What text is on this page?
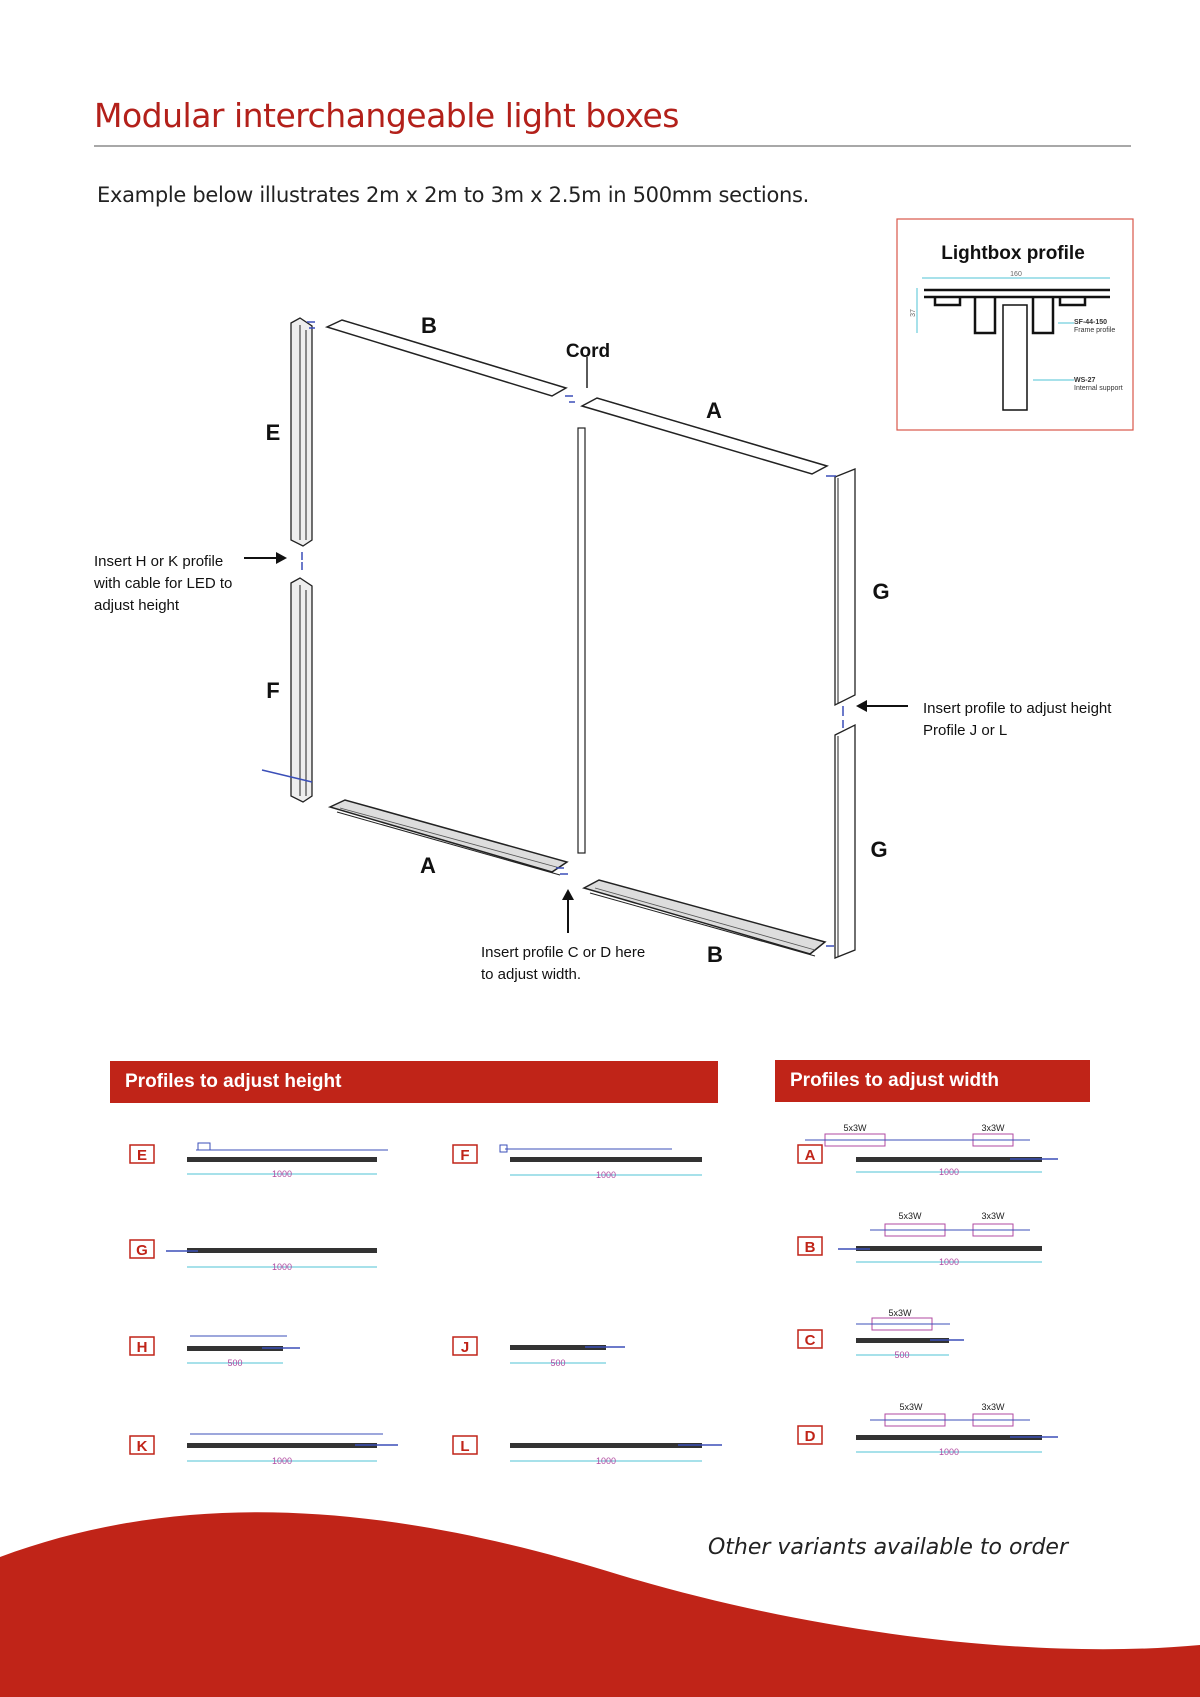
Modular interchangeable light boxes
Example below illustrates 2m x 2m to 3m x 2.5m in 500mm sections.
Lightbox profile
160
37
SF-44-150
Frame profile
WS-27
Internal support
B
Cord
A
E
F
G
G
A
B
Insert H or K profile
with cable for LED to
adjust height
Insert profile to adjust height
Profile J or L
Insert profile C or D here
to adjust width.
Profiles to adjust height	Profiles to adjust width
E
1000
F
1000
G
1000
H
500
J
500
K
1000
L
1000
A
5x3W	3x3W
1000
B
5x3W	3x3W
1000
C
5x3W
500
D
5x3W	3x3W
1000
Other variants available to order
